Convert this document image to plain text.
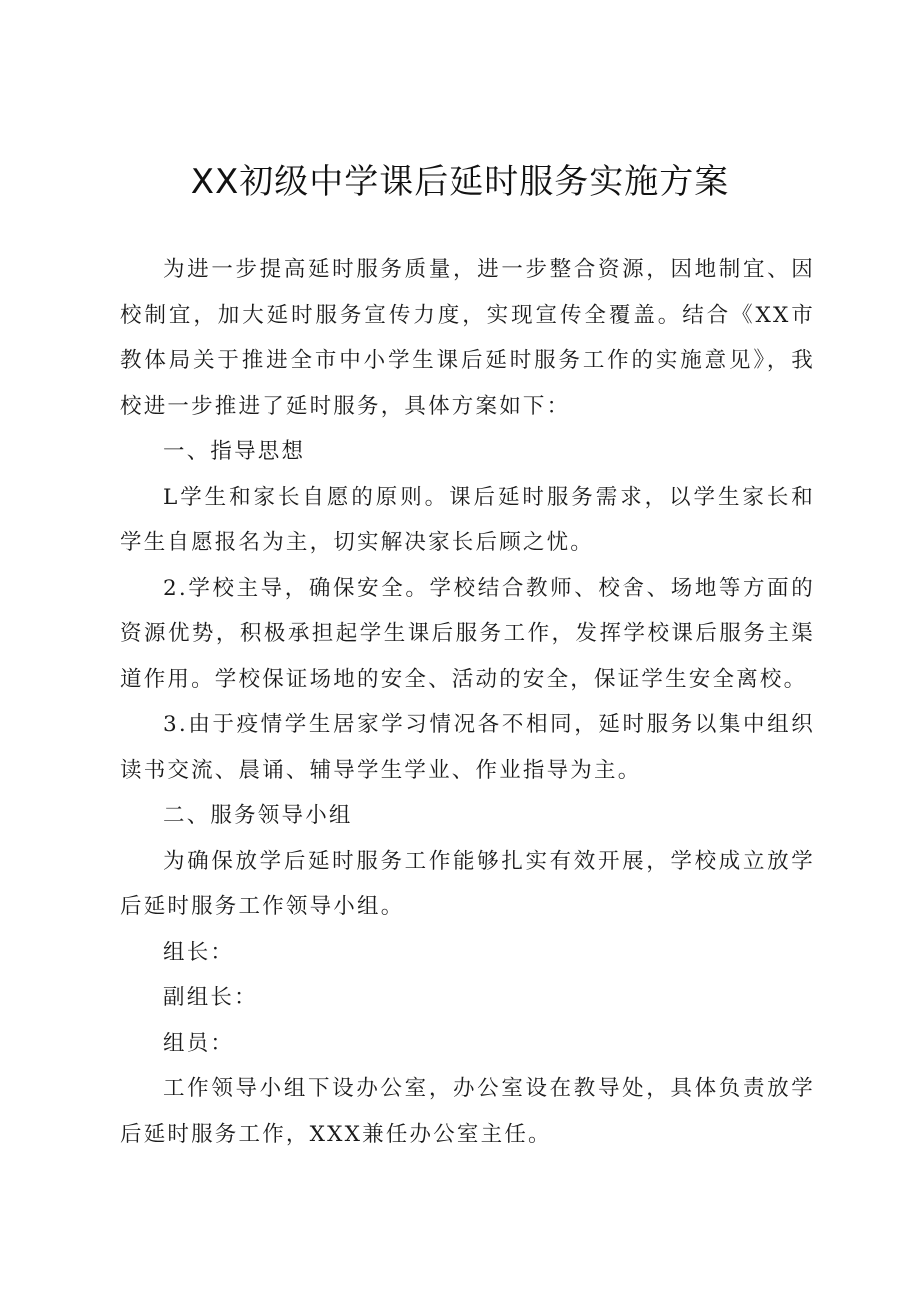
XX初级中学课后延时服务实施方案

为进一步提高延时服务质量，进一步整合资源，因地制宜、因校制宜，加大延时服务宣传力度，实现宣传全覆盖。结合《XX市教体局关于推进全市中小学生课后延时服务工作的实施意见》，我校进一步推进了延时服务，具体方案如下：

一、指导思想

L学生和家长自愿的原则。课后延时服务需求，以学生家长和学生自愿报名为主，切实解决家长后顾之忧。

2.学校主导，确保安全。学校结合教师、校舍、场地等方面的资源优势，积极承担起学生课后服务工作，发挥学校课后服务主渠道作用。学校保证场地的安全、活动的安全，保证学生安全离校。

3.由于疫情学生居家学习情况各不相同，延时服务以集中组织读书交流、晨诵、辅导学生学业、作业指导为主。

二、服务领导小组

为确保放学后延时服务工作能够扎实有效开展，学校成立放学后延时服务工作领导小组。

组长：

副组长：

组员：

工作领导小组下设办公室，办公室设在教导处，具体负责放学后延时服务工作，XXX兼任办公室主任。
